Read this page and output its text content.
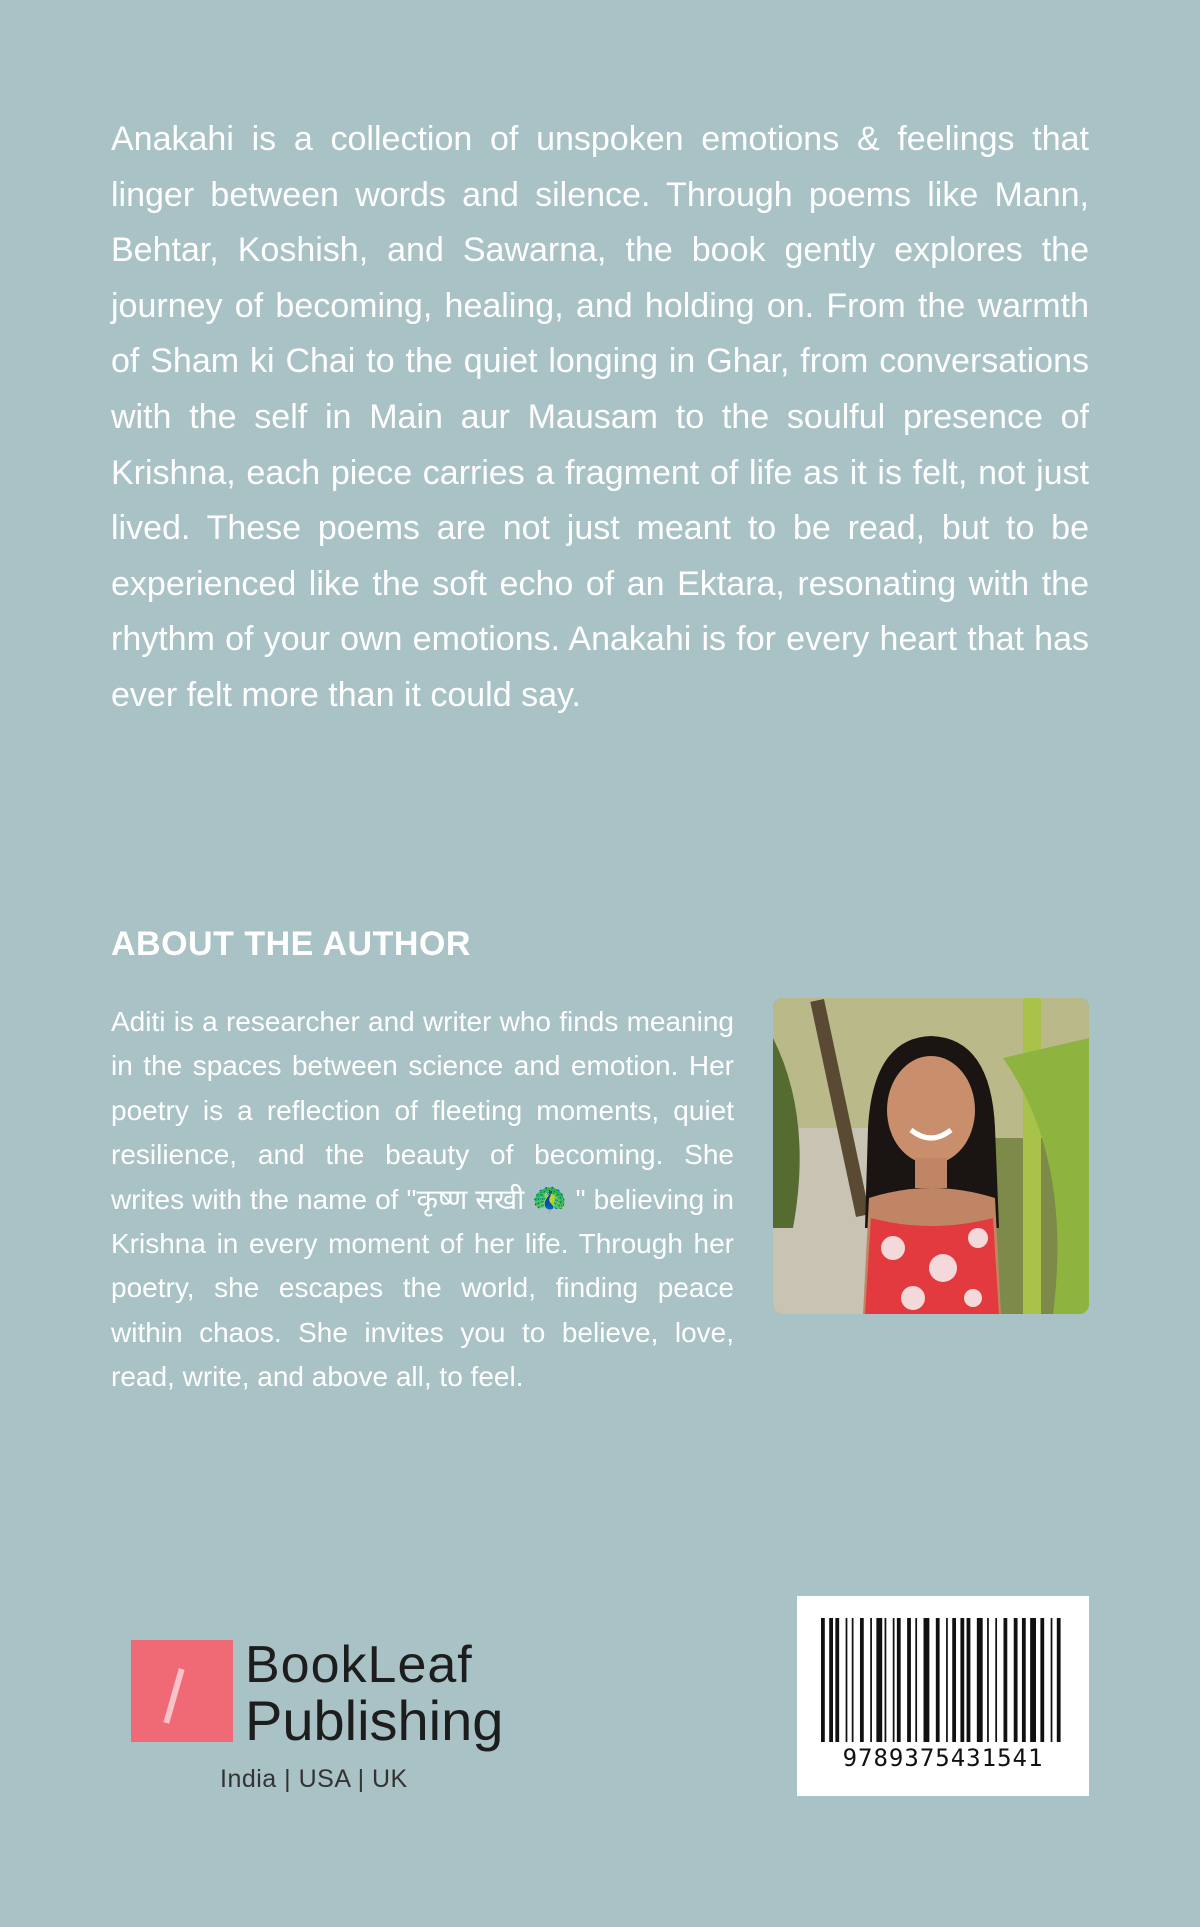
Anakahi is a collection of unspoken emotions & feelings that linger between words and silence. Through poems like Mann, Behtar, Koshish, and Sawarna, the book gently explores the journey of becoming, healing, and holding on. From the warmth of Sham ki Chai to the quiet longing in Ghar, from conversations with the self in Main aur Mausam to the soulful presence of Krishna, each piece carries a fragment of life as it is felt, not just lived. These poems are not just meant to be read, but to be experienced like the soft echo of an Ektara, resonating with the rhythm of your own emotions. Anakahi is for every heart that has ever felt more than it could say.

ABOUT THE AUTHOR

Aditi is a researcher and writer who finds meaning in the spaces between science and emotion. Her poetry is a reflection of fleeting moments, quiet resilience, and the beauty of becoming. She writes with the name of "कृष्ण सखी 🦚 " believing in Krishna in every moment of her life. Through her poetry, she escapes the world, finding peace within chaos. She invites you to believe, love, read, write, and above all, to feel.

BookLeaf
Publishing
India | USA | UK
9789375431541
